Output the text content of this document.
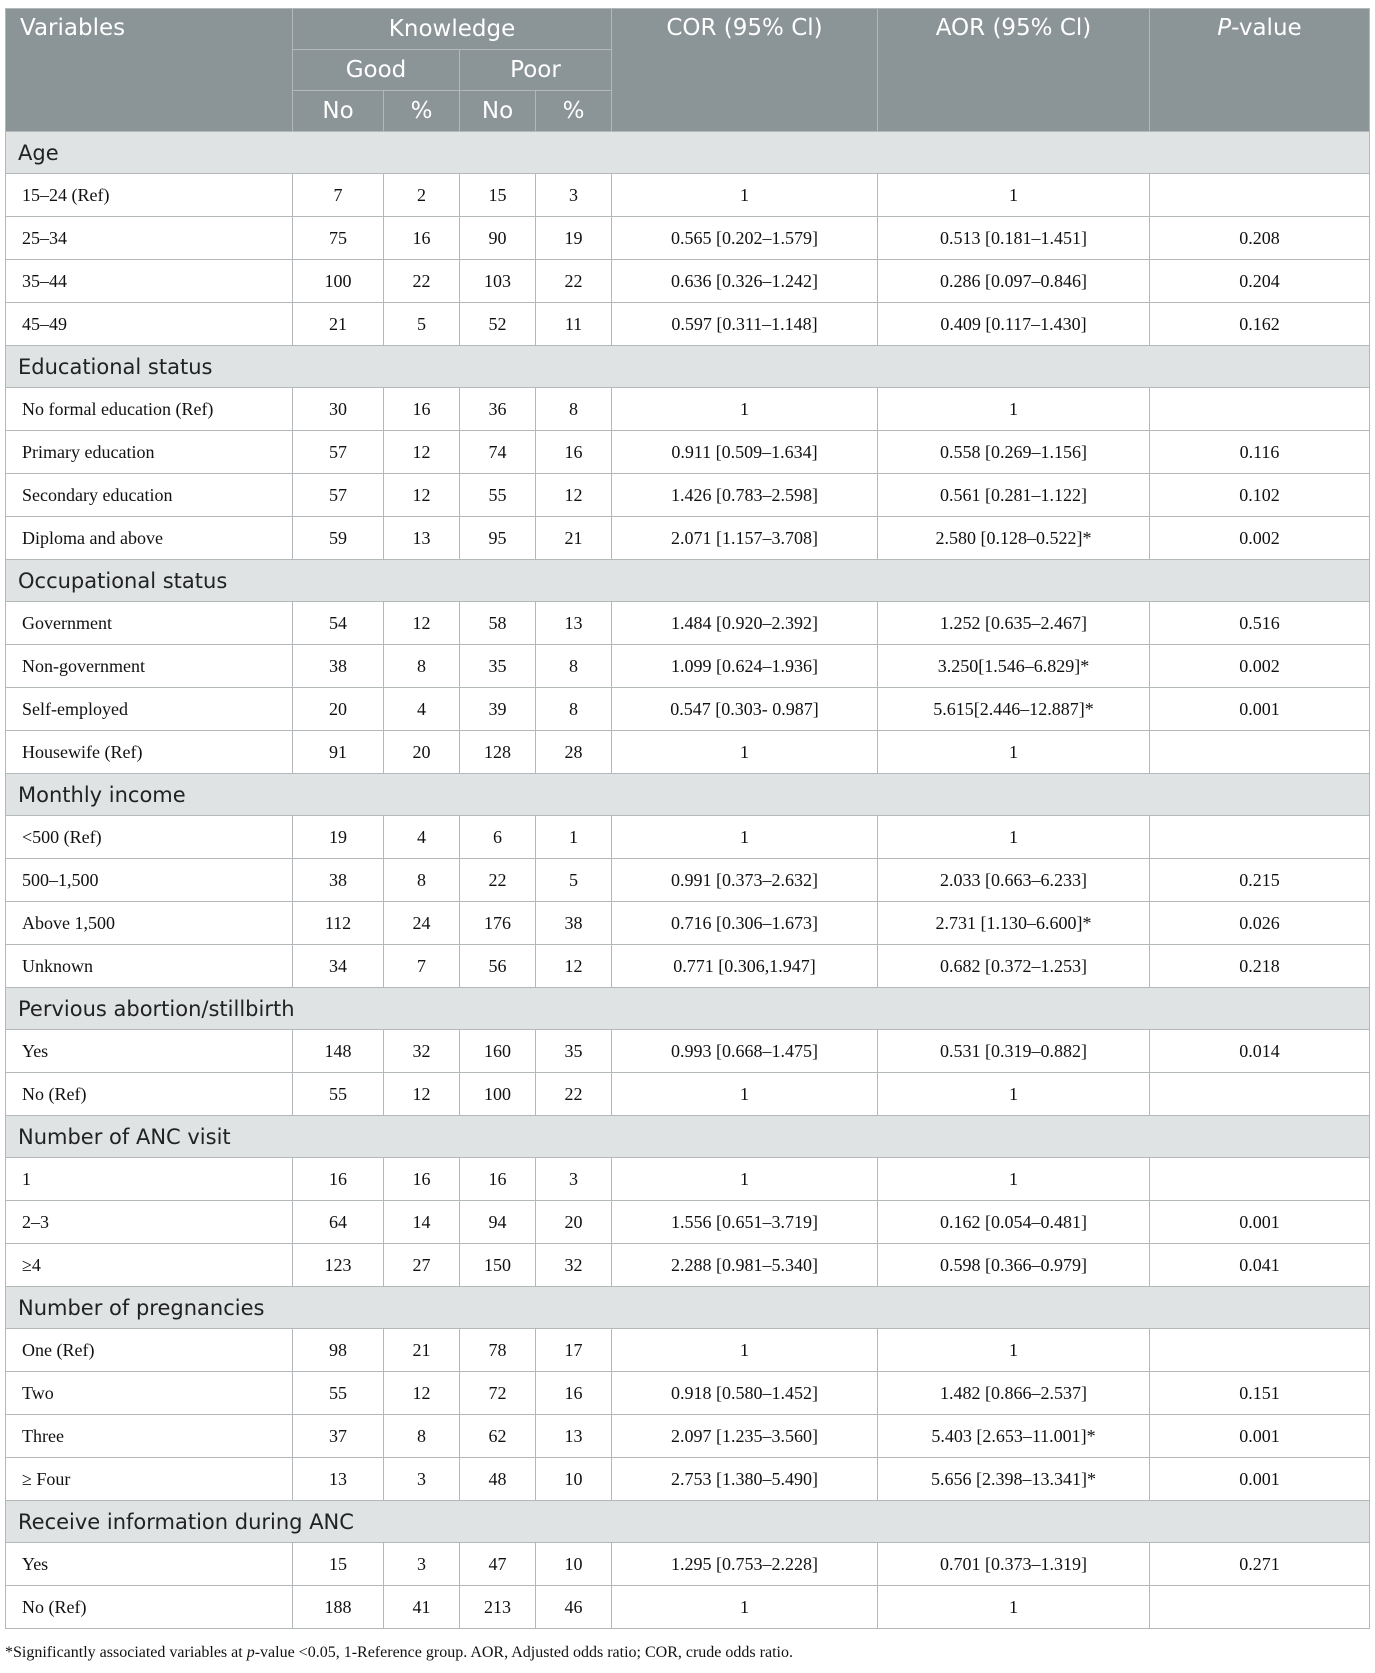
Variables	Knowledge				COR (95% Cl)	AOR (95% Cl)	P-value
	Good		Poor				
	No	%	No	%			
Age							
15–24 (Ref)	7	2	15	3	1	1	
25–34	75	16	90	19	0.565 [0.202–1.579]	0.513 [0.181–1.451]	0.208
35–44	100	22	103	22	0.636 [0.326–1.242]	0.286 [0.097–0.846]	0.204
45–49	21	5	52	11	0.597 [0.311–1.148]	0.409 [0.117–1.430]	0.162
Educational status							
No formal education (Ref)	30	16	36	8	1	1	
Primary education	57	12	74	16	0.911 [0.509–1.634]	0.558 [0.269–1.156]	0.116
Secondary education	57	12	55	12	1.426 [0.783–2.598]	0.561 [0.281–1.122]	0.102
Diploma and above	59	13	95	21	2.071 [1.157–3.708]	2.580 [0.128–0.522]*	0.002
Occupational status							
Government	54	12	58	13	1.484 [0.920–2.392]	1.252 [0.635–2.467]	0.516
Non-government	38	8	35	8	1.099 [0.624–1.936]	3.250[1.546–6.829]*	0.002
Self-employed	20	4	39	8	0.547 [0.303- 0.987]	5.615[2.446–12.887]*	0.001
Housewife (Ref)	91	20	128	28	1	1	
Monthly income							
<500 (Ref)	19	4	6	1	1	1	
500–1,500	38	8	22	5	0.991 [0.373–2.632]	2.033 [0.663–6.233]	0.215
Above 1,500	112	24	176	38	0.716 [0.306–1.673]	2.731 [1.130–6.600]*	0.026
Unknown	34	7	56	12	0.771 [0.306,1.947]	0.682 [0.372–1.253]	0.218
Pervious abortion/stillbirth							
Yes	148	32	160	35	0.993 [0.668–1.475]	0.531 [0.319–0.882]	0.014
No (Ref)	55	12	100	22	1	1	
Number of ANC visit							
1	16	16	16	3	1	1	
2–3	64	14	94	20	1.556 [0.651–3.719]	0.162 [0.054–0.481]	0.001
≥4	123	27	150	32	2.288 [0.981–5.340]	0.598 [0.366–0.979]	0.041
Number of pregnancies							
One (Ref)	98	21	78	17	1	1	
Two	55	12	72	16	0.918 [0.580–1.452]	1.482 [0.866–2.537]	0.151
Three	37	8	62	13	2.097 [1.235–3.560]	5.403 [2.653–11.001]*	0.001
≥ Four	13	3	48	10	2.753 [1.380–5.490]	5.656 [2.398–13.341]*	0.001
Receive information during ANC							
Yes	15	3	47	10	1.295 [0.753–2.228]	0.701 [0.373–1.319]	0.271
No (Ref)	188	41	213	46	1	1	
*Significantly associated variables at p-value <0.05, 1-Reference group. AOR, Adjusted odds ratio; COR, crude odds ratio.
